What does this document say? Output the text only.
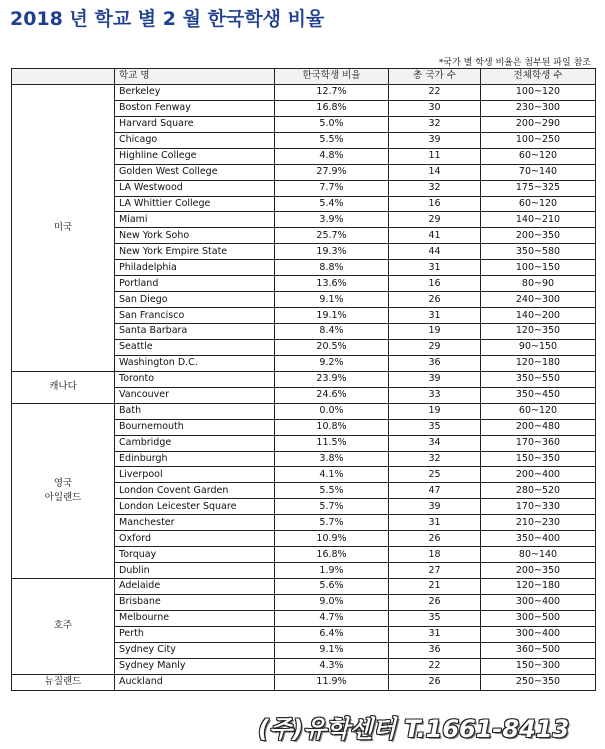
2018 년 학교 별 2 월 한국학생 비율
*국가 별 학생 비율은 첨부된 파일 참조
	학교 명	한국학생 비율	총 국가 수	전체학생 수

미국	Berkeley	12.7%	22	100~120
	Boston Fenway	16.8%	30	230~300
	Harvard Square	5.0%	32	200~290
	Chicago	5.5%	39	100~250
	Highline College	4.8%	11	60~120
	Golden West College	27.9%	14	70~140
	LA Westwood	7.7%	32	175~325
	LA Whittier College	5.4%	16	60~120
	Miami	3.9%	29	140~210
	New York Soho	25.7%	41	200~350
	New York Empire State	19.3%	44	350~580
	Philadelphia	8.8%	31	100~150
	Portland	13.6%	16	80~90
	San Diego	9.1%	26	240~300
	San Francisco	19.1%	31	140~200
	Santa Barbara	8.4%	19	120~350
	Seattle	20.5%	29	90~150
	Washington D.C.	9.2%	36	120~180

캐나다	Toronto	23.9%	39	350~550
	Vancouver	24.6%	33	350~450

영국
아일랜드	Bath	0.0%	19	60~120
	Bournemouth	10.8%	35	200~480
	Cambridge	11.5%	34	170~360
	Edinburgh	3.8%	32	150~350
	Liverpool	4.1%	25	200~400
	London Covent Garden	5.5%	47	280~520
	London Leicester Square	5.7%	39	170~330
	Manchester	5.7%	31	210~230
	Oxford	10.9%	26	350~400
	Torquay	16.8%	18	80~140
	Dublin	1.9%	27	200~350

호주	Adelaide	5.6%	21	120~180
	Brisbane	9.0%	26	300~400
	Melbourne	4.7%	35	300~500
	Perth	6.4%	31	300~400
	Sydney City	9.1%	36	360~500
	Sydney Manly	4.3%	22	150~300

뉴질랜드	Auckland	11.9%	26	250~350
(주)유학센터 T.1661-8413
